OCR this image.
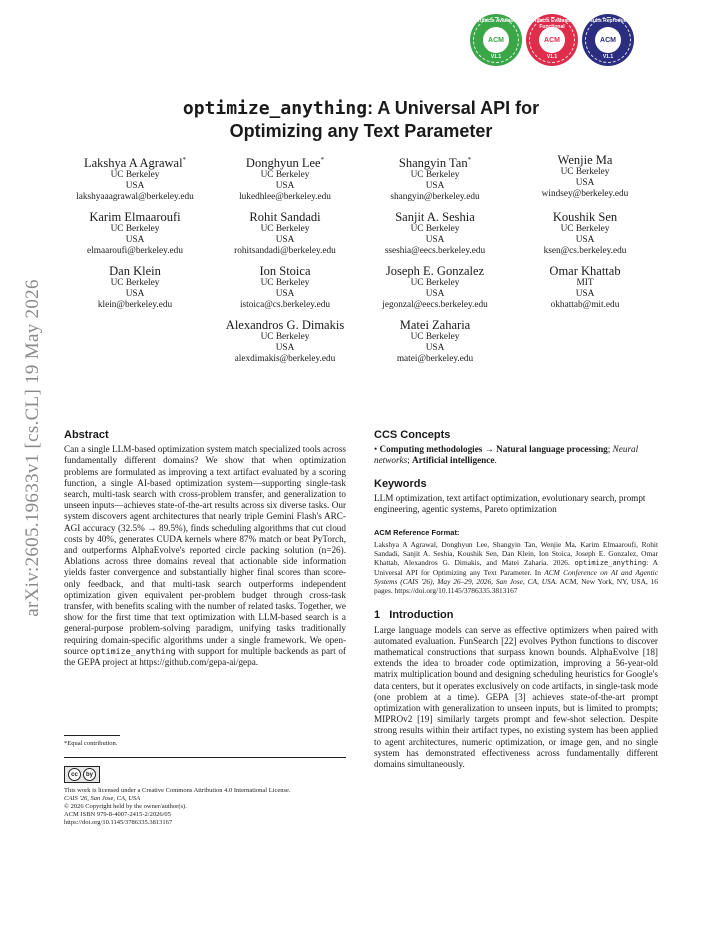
arXiv:2605.19633v1 [cs.CL] 19 May 2026
Artifacts Available
ACM
V1.1
Artifacts Evaluated Functional
ACM
V1.1
Results Reproduced
ACM
V1.1
optimize_anything: A Universal API for
Optimizing any Text Parameter
Lakshya A Agrawal*
UC Berkeley
USA
lakshyaaagrawal@berkeley.edu
Donghyun Lee*
UC Berkeley
USA
lukedhlee@berkeley.edu
Shangyin Tan*
UC Berkeley
USA
shangyin@berkeley.edu
Wenjie Ma
UC Berkeley
USA
windsey@berkeley.edu
Karim Elmaaroufi
UC Berkeley
USA
elmaaroufi@berkeley.edu
Rohit Sandadi
UC Berkeley
USA
rohitsandadi@berkeley.edu
Sanjit A. Seshia
UC Berkeley
USA
sseshia@eecs.berkeley.edu
Koushik Sen
UC Berkeley
USA
ksen@cs.berkeley.edu
Dan Klein
UC Berkeley
USA
klein@berkeley.edu
Ion Stoica
UC Berkeley
USA
istoica@cs.berkeley.edu
Joseph E. Gonzalez
UC Berkeley
USA
jegonzal@eecs.berkeley.edu
Omar Khattab
MIT
USA
okhattab@mit.edu
Alexandros G. Dimakis
UC Berkeley
USA
alexdimakis@berkeley.edu
Matei Zaharia
UC Berkeley
USA
matei@berkeley.edu
Abstract
Can a single LLM-based optimization system match specialized tools across fundamentally different domains? We show that when optimization problems are formulated as improving a text artifact evaluated by a scoring function, a single AI-based optimization system—supporting single-task search, multi-task search with cross-problem transfer, and generalization to unseen inputs—achieves state-of-the-art results across six diverse tasks. Our system discovers agent architectures that nearly triple Gemini Flash's ARC-AGI accuracy (32.5% → 89.5%), finds scheduling algorithms that cut cloud costs by 40%, generates CUDA kernels where 87% match or beat PyTorch, and outperforms AlphaEvolve's reported circle packing solution (n=26). Ablations across three domains reveal that actionable side information yields faster convergence and substantially higher final scores than score-only feedback, and that multi-task search outperforms independent optimization given equivalent per-problem budget through cross-task transfer, with benefits scaling with the number of related tasks. Together, we show for the first time that text optimization with LLM-based search is a general-purpose problem-solving paradigm, unifying tasks traditionally requiring domain-specific algorithms under a single framework. We open-source optimize_anything with support for multiple backends as part of the GEPA project at https://github.com/gepa-ai/gepa.
*Equal contribution.
cc	by
This work is licensed under a Creative Commons Attribution 4.0 International License.
CAIS '26, San Jose, CA, USA
© 2026 Copyright held by the owner/author(s).
ACM ISBN 979-8-4007-2415-2/2026/05
https://doi.org/10.1145/3786335.3813167
CCS Concepts
• Computing methodologies → Natural language processing; Neural networks; Artificial intelligence.
Keywords
LLM optimization, text artifact optimization, evolutionary search, prompt engineering, agentic systems, Pareto optimization
ACM Reference Format:
Lakshya A Agrawal, Donghyun Lee, Shangyin Tan, Wenjie Ma, Karim Elmaaroufi, Rohit Sandadi, Sanjit A. Seshia, Koushik Sen, Dan Klein, Ion Stoica, Joseph E. Gonzalez, Omar Khattab, Alexandros G. Dimakis, and Matei Zaharia. 2026. optimize_anything: A Universal API for Optimizing any Text Parameter. In ACM Conference on AI and Agentic Systems (CAIS '26), May 26–29, 2026, San Jose, CA, USA. ACM, New York, NY, USA, 16 pages. https://doi.org/10.1145/3786335.3813167
1   Introduction
Large language models can serve as effective optimizers when paired with automated evaluation. FunSearch [22] evolves Python functions to discover mathematical constructions that surpass known bounds. AlphaEvolve [18] extends the idea to broader code optimization, improving a 56-year-old matrix multiplication bound and designing scheduling heuristics for Google's data centers, but it operates exclusively on code artifacts, in single-task mode (one problem at a time). GEPA [3] achieves state-of-the-art prompt optimization with generalization to unseen inputs, but is limited to prompts; MIPROv2 [19] similarly targets prompt and few-shot selection. Despite strong results within their artifact types, no existing system has been applied to agent architectures, numeric optimization, or image gen, and no single system has demonstrated effectiveness across fundamentally different domains simultaneously.
